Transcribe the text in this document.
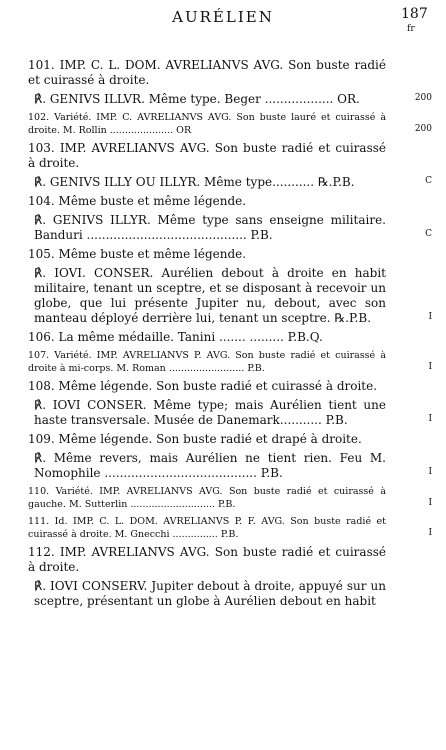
AURÉLIEN	187
fr
101. IMP. C. L. DOM. AVRELIANVS AVG. Son buste radié et cuirassé à droite.
℟. GENIVS ILLVR. Même type. Beger .................. OR.	200
102. Variété. IMP. C. AVRELIANVS AVG. Son buste lauré et cuirassé à droite. M. Rollin ..................... OR	200
103. IMP. AVRELIANVS AVG. Son buste radié et cuirassé à droite.
℟. GENIVS ILLY OU ILLYR. Même type........... ℞.P.B.	C
104. Même buste et même légende.
℟. GENIVS ILLYR. Même type sans enseigne militaire. Banduri .......................................... P.B.	C
105. Même buste et même légende.
℟. IOVI. CONSER. Aurélien debout à droite en habit militaire, tenant un sceptre, et se disposant à recevoir un globe, que lui présente Jupiter nu, debout, avec son manteau déployé derrière lui, tenant un sceptre. ℞.P.B.	I
106. La même médaille. Tanini ....... ......... P.B.Q.
107. Variété. IMP. AVRELIANVS P. AVG. Son buste radié et cuirassé à droite à mi-corps. M. Roman ......................... P.B.	I
108. Même légende. Son buste radié et cuirassé à droite.
℟. IOVI CONSER. Même type; mais Aurélien tient une haste transversale. Musée de Danemark........... P.B.	I
109. Même légende. Son buste radié et drapé à droite.
℟. Même revers, mais Aurélien ne tient rien. Feu M. Nomophile ........................................ P.B.	I
110. Variété. IMP. AVRELIANVS AVG. Son buste radié et cuirassé à gauche. M. Sutterlin ............................ P.B.	I
111. Id. IMP. C. L. DOM. AVRELIANVS P. F. AVG. Son buste radié et cuirassé à droite. M. Gnecchi ............... P.B.	I
112. IMP. AVRELIANVS AVG. Son buste radié et cuirassé à droite.
℟. IOVI CONSERV. Jupiter debout à droite, appuyé sur un sceptre, présentant un globe à Aurélien debout en habit
